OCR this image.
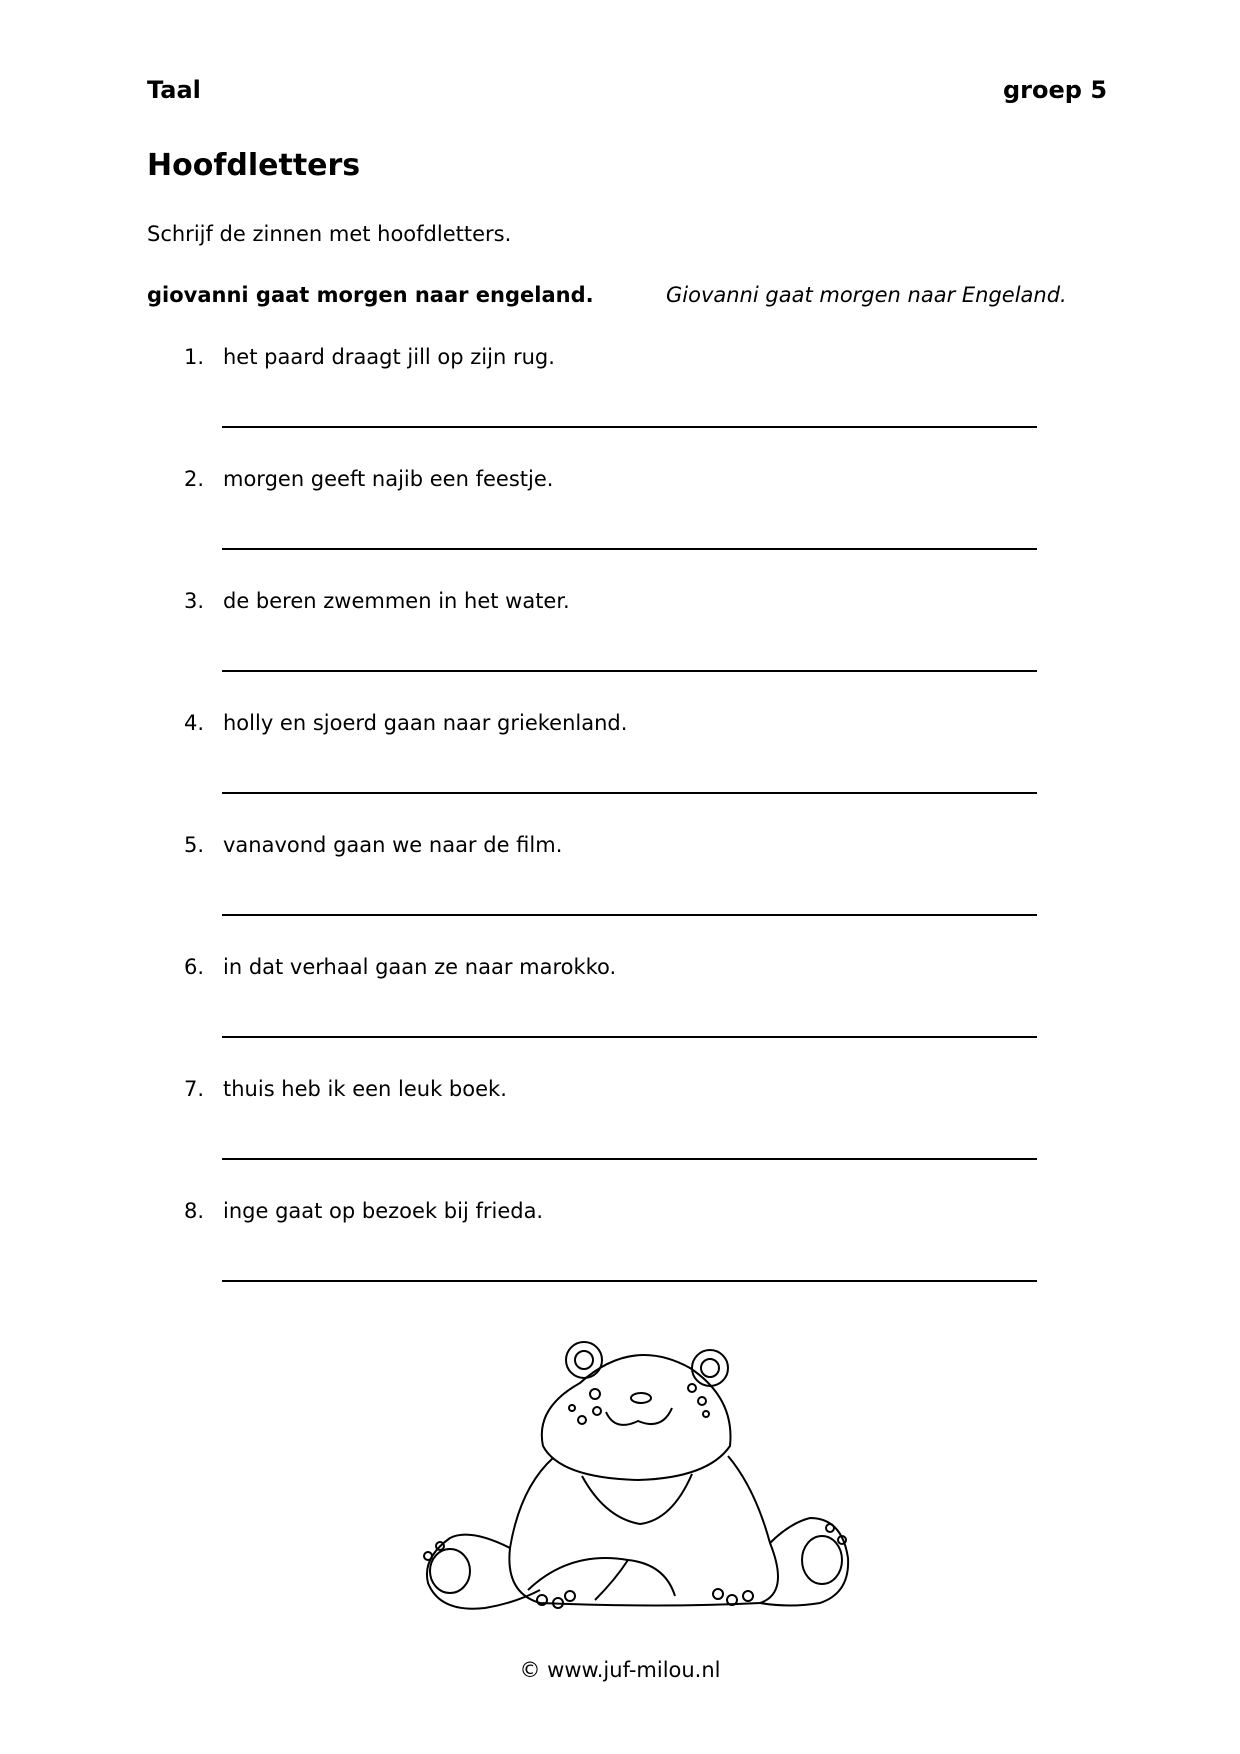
Taal	groep 5
Hoofdletters
Schrijf de zinnen met hoofdletters.
giovanni gaat morgen naar engeland.	Giovanni gaat morgen naar Engeland.
1. het paard draagt jill op zijn rug.
2. morgen geeft najib een feestje.
3. de beren zwemmen in het water.
4. holly en sjoerd gaan naar griekenland.
5. vanavond gaan we naar de film.
6. in dat verhaal gaan ze naar marokko.
7. thuis heb ik een leuk boek.
8. inge gaat op bezoek bij frieda.
© www.juf-milou.nl
